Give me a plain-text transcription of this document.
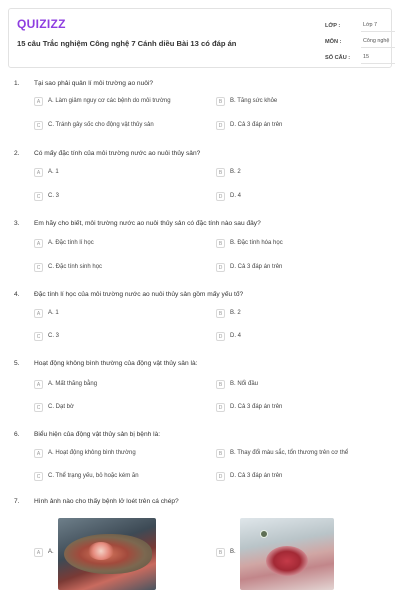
QUIZIZZ
15 câu Trắc nghiệm Công nghệ 7 Cánh diều Bài 13 có đáp án
LỚP :	Lớp 7
MÔN :	Công nghệ
SỐ CÂU :	15
1. Tại sao phải quản lí môi trường ao nuôi?
A	A. Làm giảm nguy cơ các bệnh do môi trường	B	B. Tăng sức khỏe
C	C. Tránh gây sốc cho động vật thủy sản	D	D. Cả 3 đáp án trên
2. Có mấy đặc tính của môi trường nước ao nuôi thủy sản?
A	A. 1	B	B. 2
C	C. 3	D	D. 4
3. Em hãy cho biết, môi trường nước ao nuôi thủy sản có đặc tính nào sau đây?
A	A. Đặc tính lí học	B	B. Đặc tính hóa học
C	C. Đặc tính sinh học	D	D. Cả 3 đáp án trên
4. Đặc tính lí học của môi trường nước ao nuôi thủy sản gồm mấy yếu tố?
A	A. 1	B	B. 2
C	C. 3	D	D. 4
5. Hoạt động không bình thường của động vật thủy sản là:
A	A. Mất thăng bằng	B	B. Nổi đầu
C	C. Dạt bờ	D	D. Cả 3 đáp án trên
6. Biểu hiện của động vật thủy sản bị bệnh là:
A	A. Hoạt động không bình thường	B	B. Thay đổi màu sắc, tổn thương trên cơ thể
C	C. Thể trạng yếu, bỏ hoặc kém ăn	D	D. Cả 3 đáp án trên
7. Hình ảnh nào cho thấy bệnh lở loét trên cá chép?
A	A.	B	B.
